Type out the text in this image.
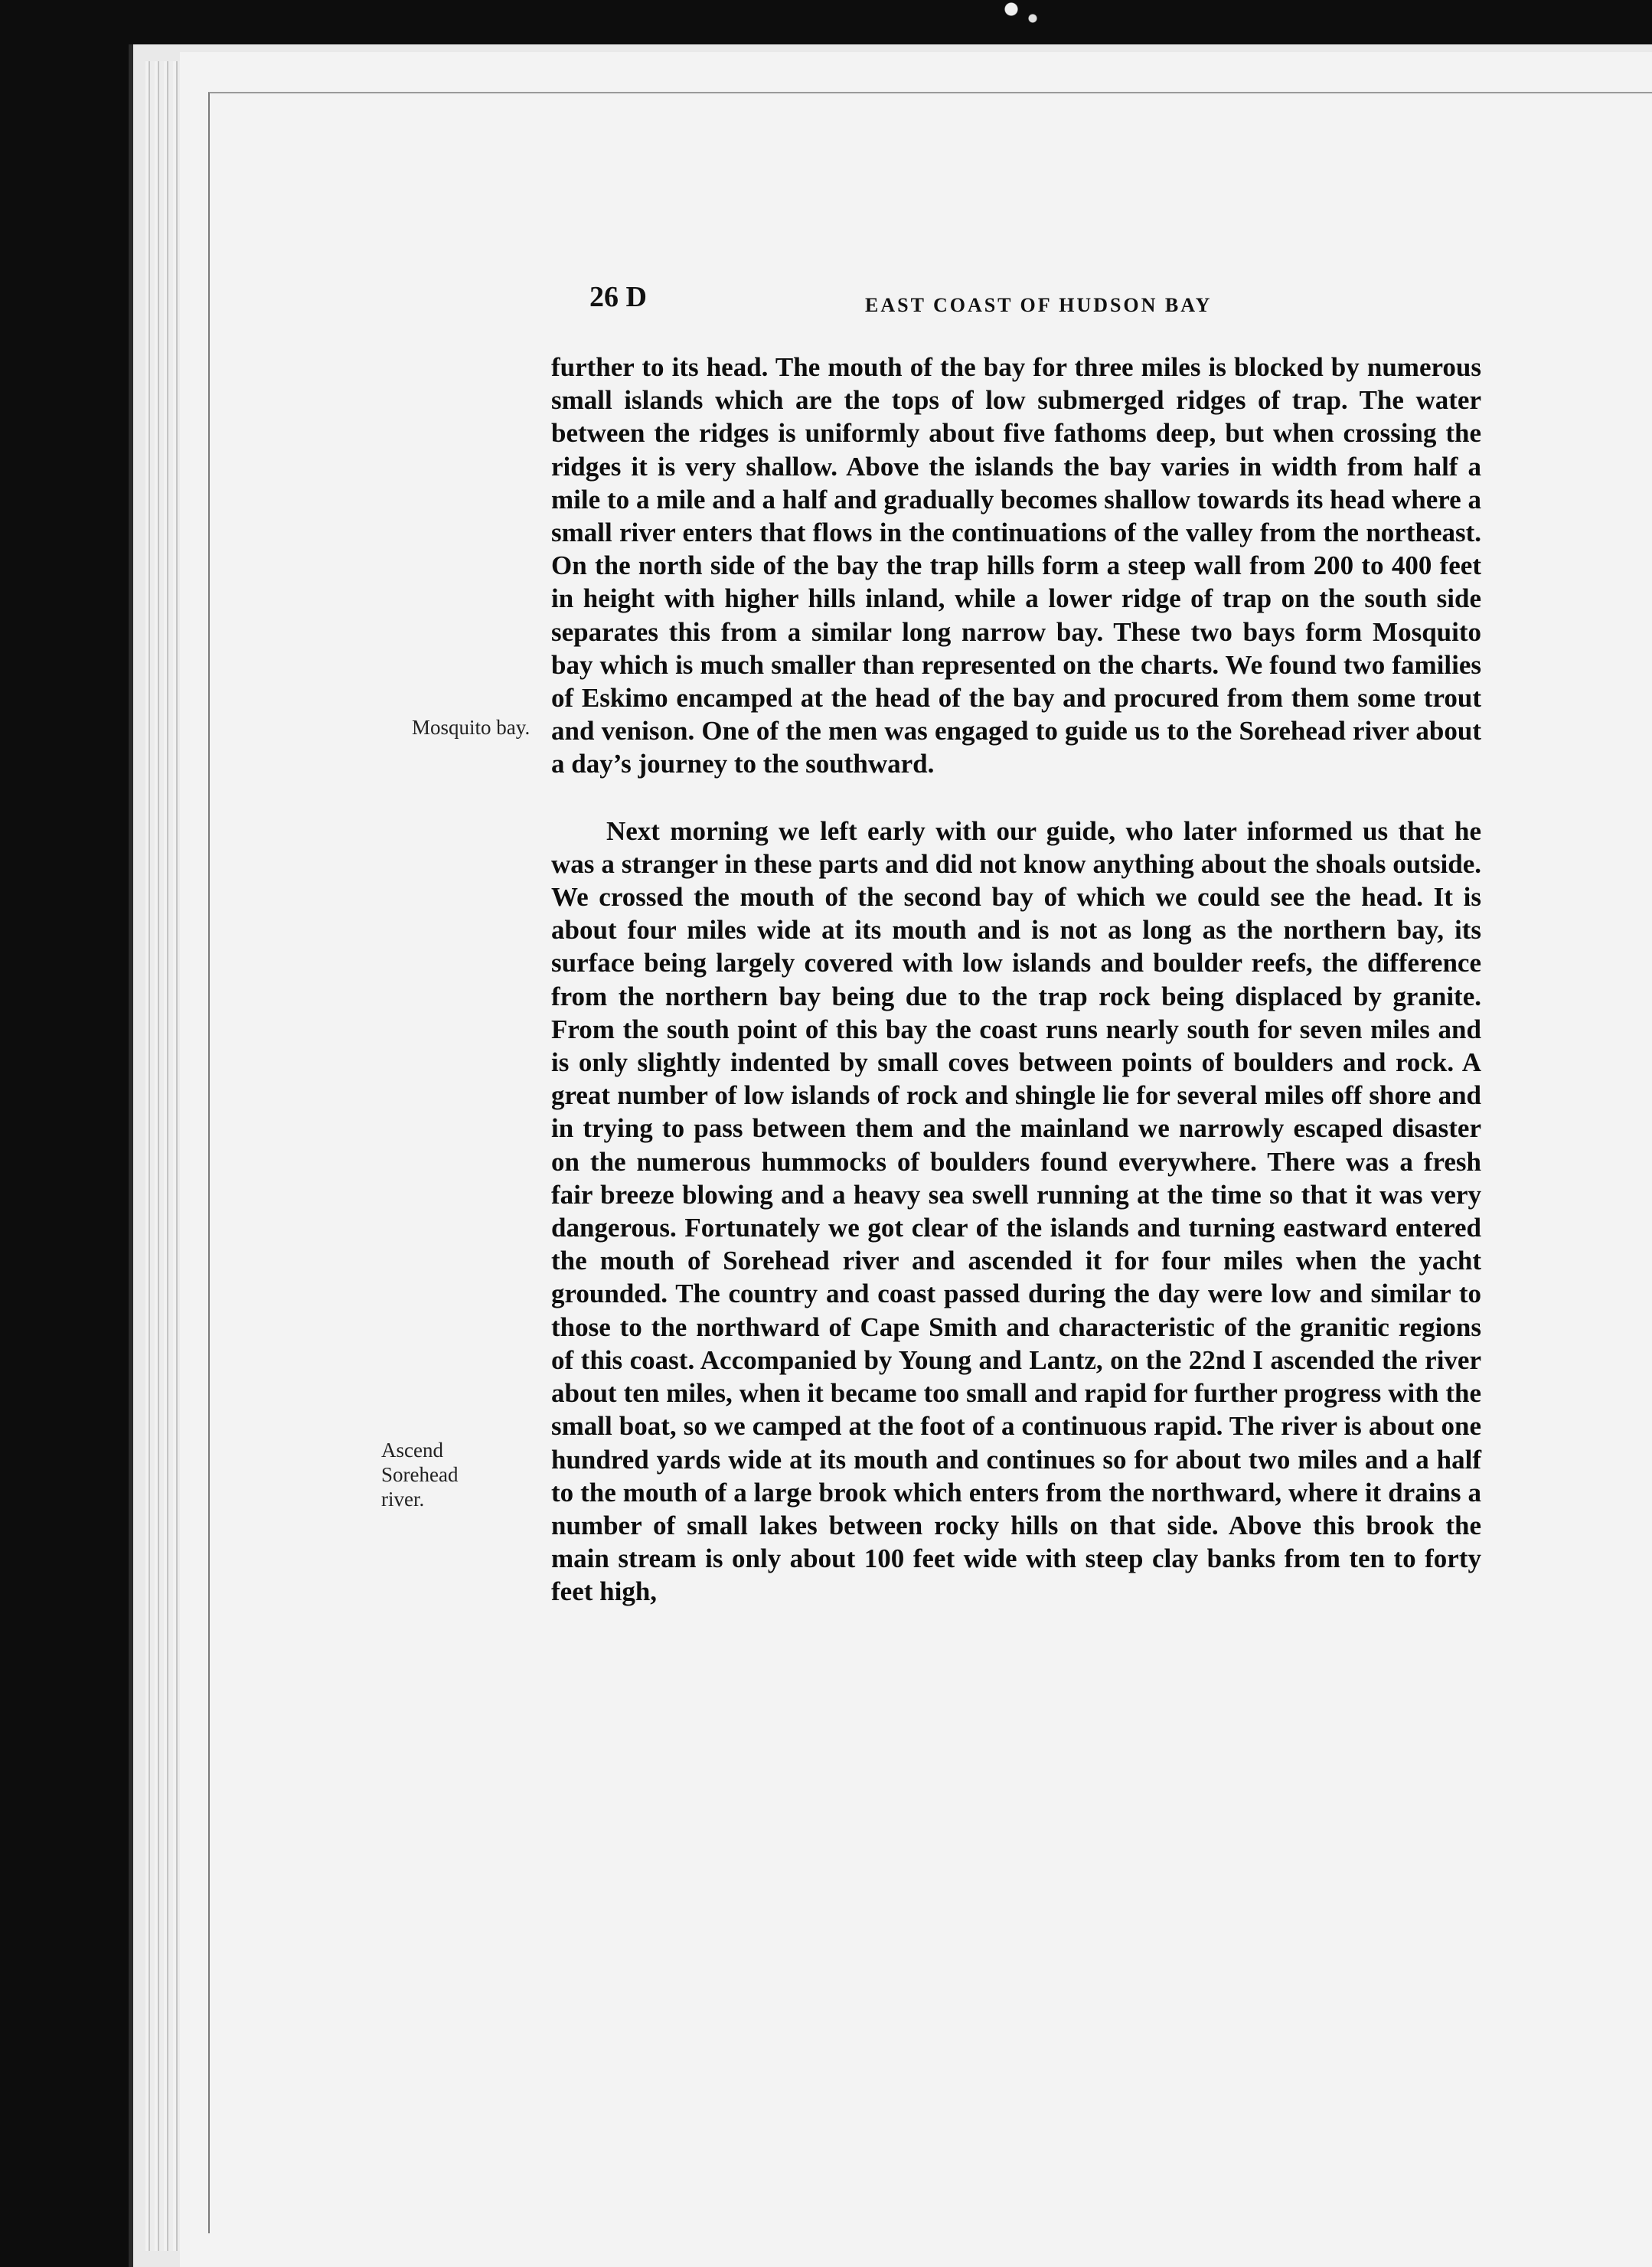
26 D	EAST COAST OF HUDSON BAY
Mosquito bay.
Ascend
Sorehead
river.

further to its head. The mouth of the bay for three miles is blocked by numerous small islands which are the tops of low submerged ridges of trap. The water between the ridges is uniformly about five fathoms deep, but when crossing the ridges it is very shallow. Above the islands the bay varies in width from half a mile to a mile and a half and gradually becomes shallow towards its head where a small river enters that flows in the continuations of the valley from the northeast. On the north side of the bay the trap hills form a steep wall from 200 to 400 feet in height with higher hills inland, while a lower ridge of trap on the south side separates this from a similar long narrow bay. These two bays form Mosquito bay which is much smaller than represented on the charts. We found two families of Eskimo encamped at the head of the bay and procured from them some trout and venison. One of the men was engaged to guide us to the Sorehead river about a day’s journey to the southward.

Next morning we left early with our guide, who later informed us that he was a stranger in these parts and did not know anything about the shoals outside. We crossed the mouth of the second bay of which we could see the head. It is about four miles wide at its mouth and is not as long as the northern bay, its surface being largely covered with low islands and boulder reefs, the difference from the northern bay being due to the trap rock being displaced by granite. From the south point of this bay the coast runs nearly south for seven miles and is only slightly indented by small coves between points of boulders and rock. A great number of low islands of rock and shingle lie for several miles off shore and in trying to pass between them and the mainland we narrowly escaped disaster on the numerous hummocks of boulders found everywhere. There was a fresh fair breeze blowing and a heavy sea swell running at the time so that it was very dangerous. Fortunately we got clear of the islands and turning eastward entered the mouth of Sorehead river and ascended it for four miles when the yacht grounded. The country and coast passed during the day were low and similar to those to the northward of Cape Smith and characteristic of the granitic regions of this coast. Accompanied by Young and Lantz, on the 22nd I ascended the river about ten miles, when it became too small and rapid for further progress with the small boat, so we camped at the foot of a continuous rapid. The river is about one hundred yards wide at its mouth and continues so for about two miles and a half to the mouth of a large brook which enters from the northward, where it drains a number of small lakes between rocky hills on that side. Above this brook the main stream is only about 100 feet wide with steep clay banks from ten to forty feet high,
